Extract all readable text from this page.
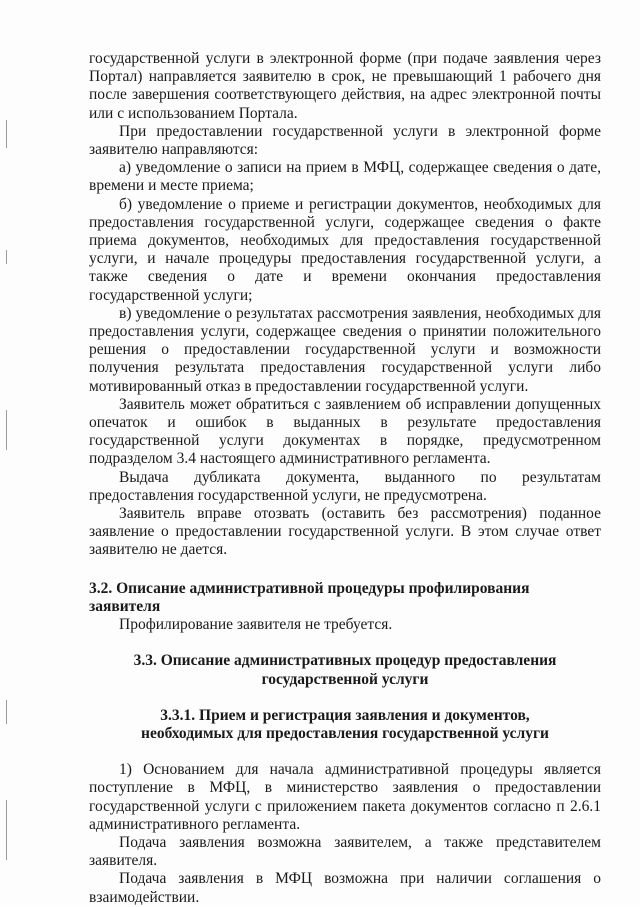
государственной услуги в электронной форме (при подаче заявления через Портал) направляется заявителю в срок, не превышающий 1 рабочего дня после завершения соответствующего действия, на адрес электронной почты или с использованием Портала.

При предоставлении государственной услуги в электронной форме заявителю направляются:

а) уведомление о записи на прием в МФЦ, содержащее сведения о дате, времени и месте приема;

б) уведомление о приеме и регистрации документов, необходимых для предоставления государственной услуги, содержащее сведения о факте приема документов, необходимых для предоставления государственной услуги, и начале процедуры предоставления государственной услуги, а также сведения о дате и времени окончания предоставления государственной услуги;

в) уведомление о результатах рассмотрения заявления, необходимых для предоставления услуги, содержащее сведения о принятии положительного решения о предоставлении государственной услуги и возможности получения результата предоставления государственной услуги либо мотивированный отказ в предоставлении государственной услуги.

Заявитель может обратиться с заявлением об исправлении допущенных опечаток и ошибок в выданных в результате предоставления государственной услуги документах в порядке, предусмотренном подразделом 3.4 настоящего административного регламента.

Выдача дубликата документа, выданного по результатам предоставления государственной услуги, не предусмотрена.

Заявитель вправе отозвать (оставить без рассмотрения) поданное заявление о предоставлении государственной услуги. В этом случае ответ заявителю не дается.

3.2. Описание административной процедуры профилирования заявителя

Профилирование заявителя не требуется.

3.3. Описание административных процедур предоставления
государственной услуги
3.3.1. Прием и регистрация заявления и документов,
необходимых для предоставления государственной услуги

1) Основанием для начала административной процедуры является поступление в МФЦ, в министерство заявления о предоставлении государственной услуги с приложением пакета документов согласно п 2.6.1 административного регламента.

Подача заявления возможна заявителем, а также представителем заявителя.

Подача заявления в МФЦ возможна при наличии соглашения о взаимодействии.
